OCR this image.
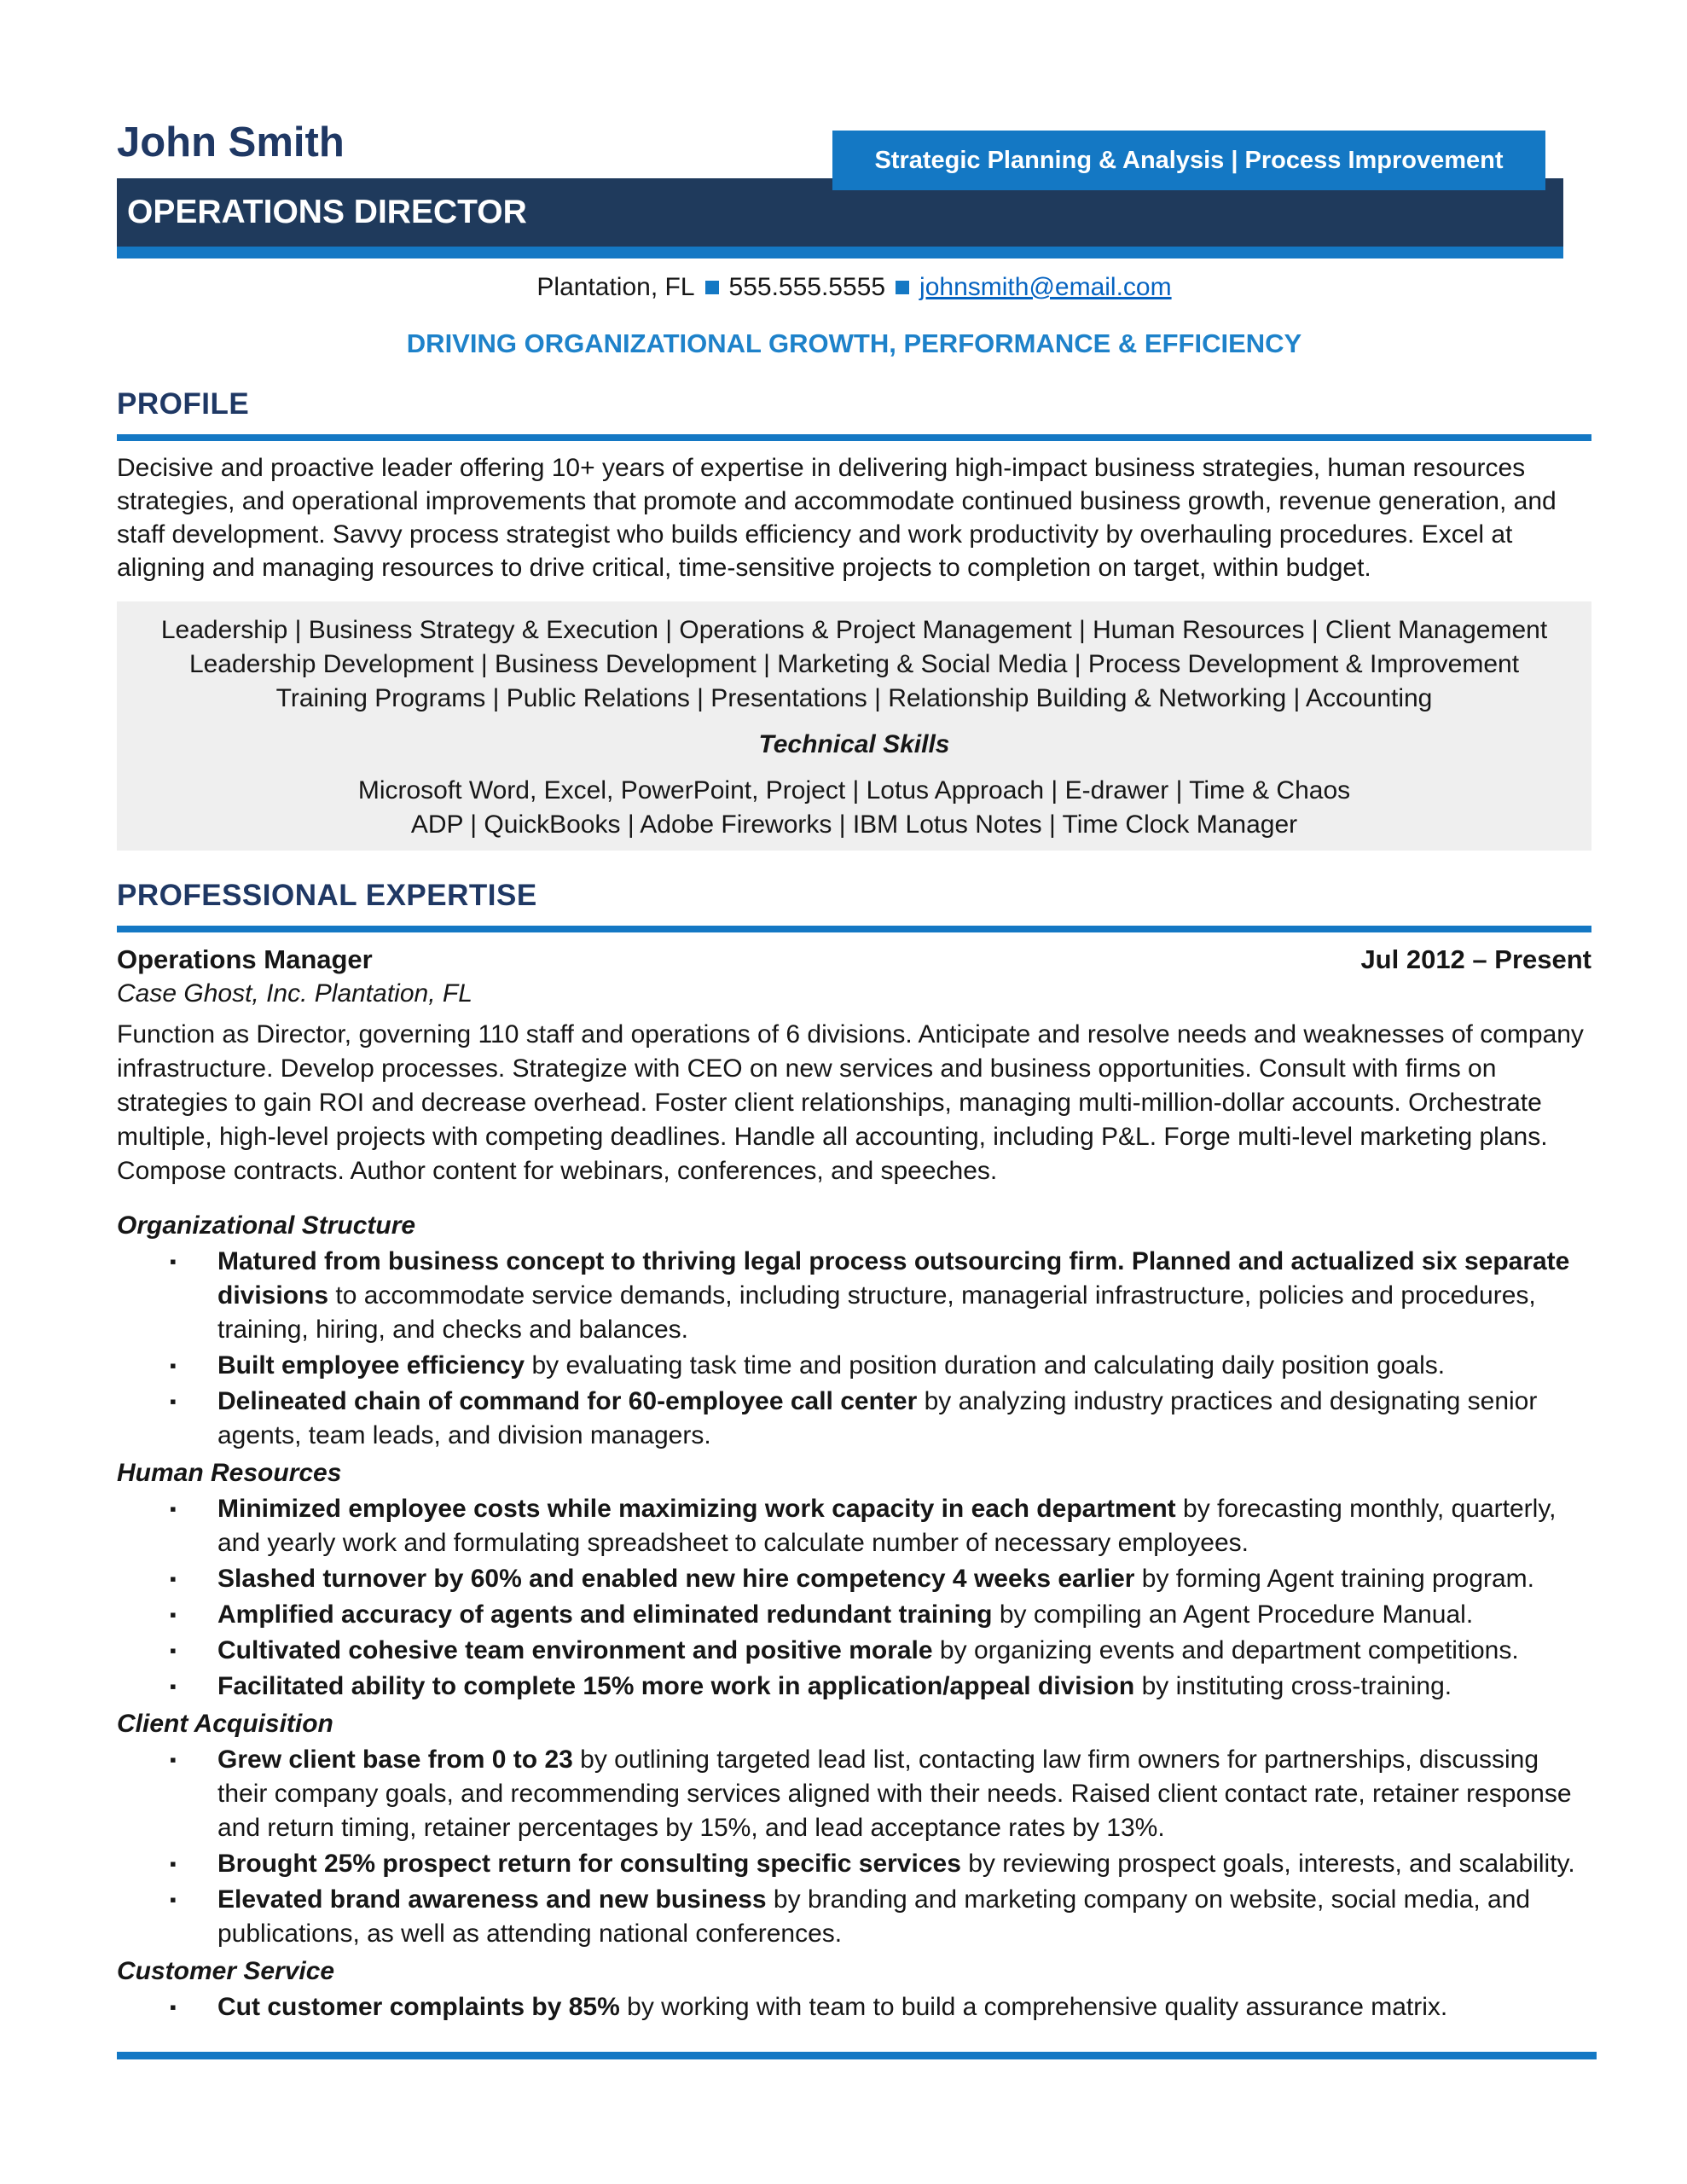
John Smith	Strategic Planning & Analysis | Process Improvement
OPERATIONS DIRECTOR
Plantation, FL 555.555.5555 johnsmith@email.com
DRIVING ORGANIZATIONAL GROWTH, PERFORMANCE & EFFICIENCY
PROFILE

Decisive and proactive leader offering 10+ years of expertise in delivering high-impact business strategies, human resources strategies, and operational improvements that promote and accommodate continued business growth, revenue generation, and staff development. Savvy process strategist who builds efficiency and work productivity by overhauling procedures. Excel at aligning and managing resources to drive critical, time-sensitive projects to completion on target, within budget.

Leadership | Business Strategy & Execution | Operations & Project Management | Human Resources | Client Management
Leadership Development | Business Development | Marketing & Social Media | Process Development & Improvement
Training Programs | Public Relations | Presentations | Relationship Building & Networking | Accounting
Technical Skills
Microsoft Word, Excel, PowerPoint, Project | Lotus Approach | E-drawer | Time & Chaos
ADP | QuickBooks | Adobe Fireworks | IBM Lotus Notes | Time Clock Manager
PROFESSIONAL EXPERTISE
Operations Manager	Jul 2012 – Present
Case Ghost, Inc. Plantation, FL

Function as Director, governing 110 staff and operations of 6 divisions. Anticipate and resolve needs and weaknesses of company infrastructure. Develop processes. Strategize with CEO on new services and business opportunities. Consult with firms on strategies to gain ROI and decrease overhead. Foster client relationships, managing multi-million-dollar accounts. Orchestrate multiple, high-level projects with competing deadlines. Handle all accounting, including P&L. Forge multi-level marketing plans. Compose contracts. Author content for webinars, conferences, and speeches.

Organizational Structure
▪	Matured from business concept to thriving legal process outsourcing firm. Planned and actualized six separate divisions to accommodate service demands, including structure, managerial infrastructure, policies and procedures, training, hiring, and checks and balances.
▪	Built employee efficiency by evaluating task time and position duration and calculating daily position goals.
▪	Delineated chain of command for 60-employee call center by analyzing industry practices and designating senior agents, team leads, and division managers.
Human Resources
▪	Minimized employee costs while maximizing work capacity in each department by forecasting monthly, quarterly, and yearly work and formulating spreadsheet to calculate number of necessary employees.
▪	Slashed turnover by 60% and enabled new hire competency 4 weeks earlier by forming Agent training program.
▪	Amplified accuracy of agents and eliminated redundant training by compiling an Agent Procedure Manual.
▪	Cultivated cohesive team environment and positive morale by organizing events and department competitions.
▪	Facilitated ability to complete 15% more work in application/appeal division by instituting cross-training.
Client Acquisition
▪	Grew client base from 0 to 23 by outlining targeted lead list, contacting law firm owners for partnerships, discussing their company goals, and recommending services aligned with their needs. Raised client contact rate, retainer response and return timing, retainer percentages by 15%, and lead acceptance rates by 13%.
▪	Brought 25% prospect return for consulting specific services by reviewing prospect goals, interests, and scalability.
▪	Elevated brand awareness and new business by branding and marketing company on website, social media, and publications, as well as attending national conferences.
Customer Service
▪	Cut customer complaints by 85% by working with team to build a comprehensive quality assurance matrix.
